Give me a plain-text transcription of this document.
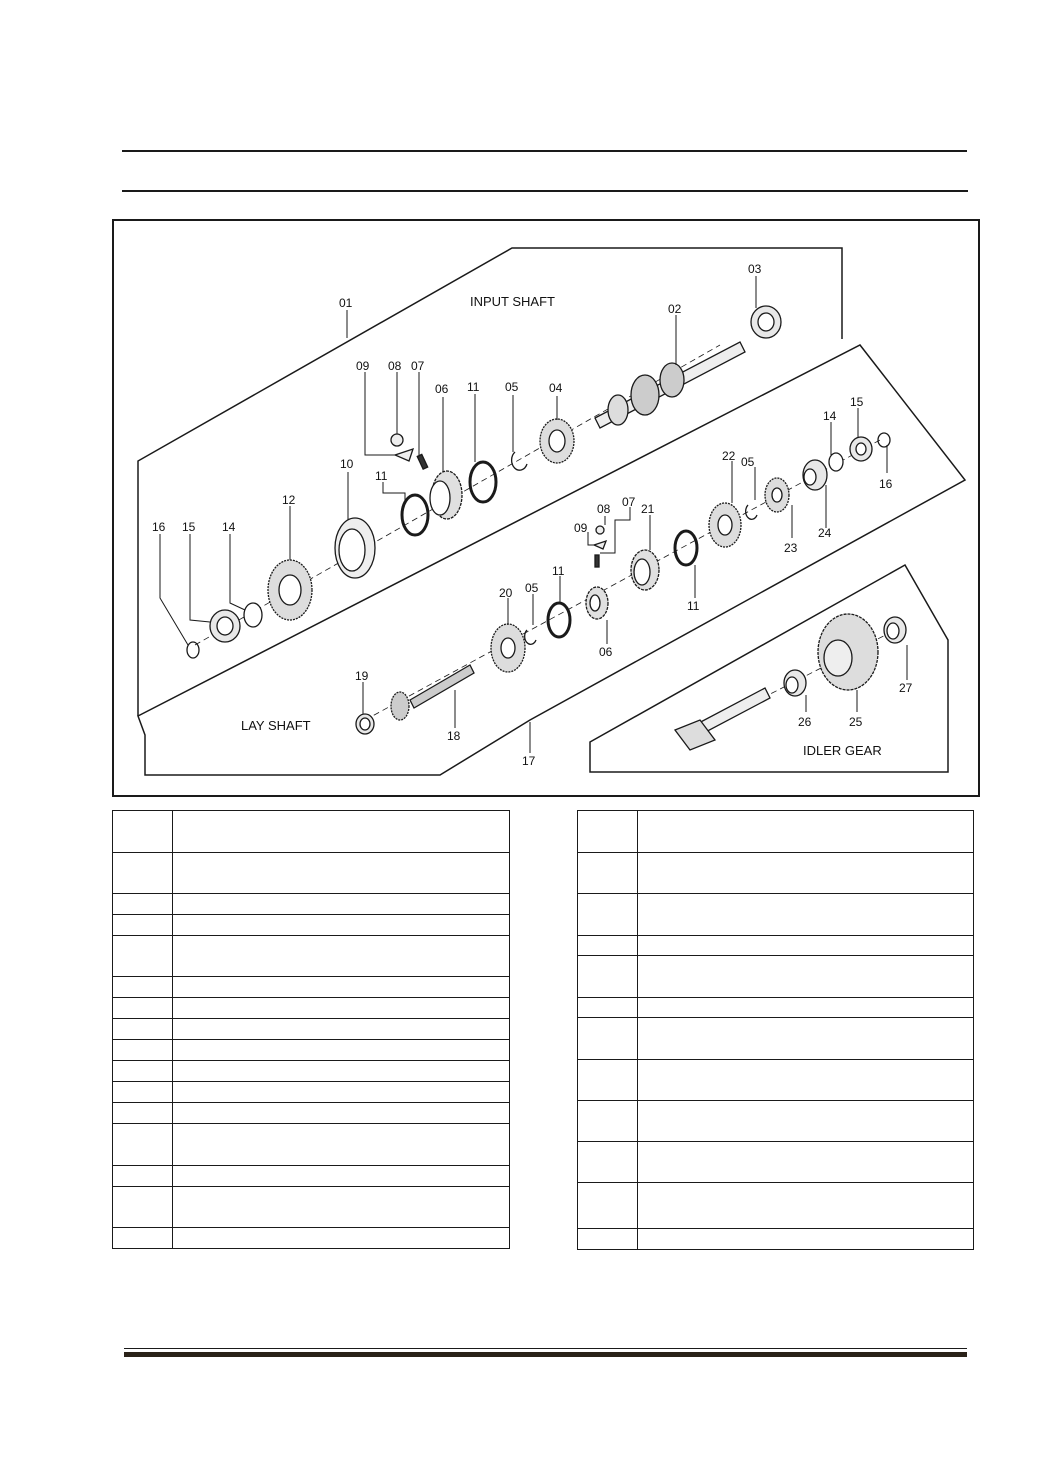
INPUT SHAFT
LAY SHAFT
IDLER GEAR
01	02
03
04
05
06
07
08
09
10
11
11
12
14
15
16
14
15
16
22 05
23
24
08 07
09
21
11
20 05
11
06
19
18
17
26	25
27
